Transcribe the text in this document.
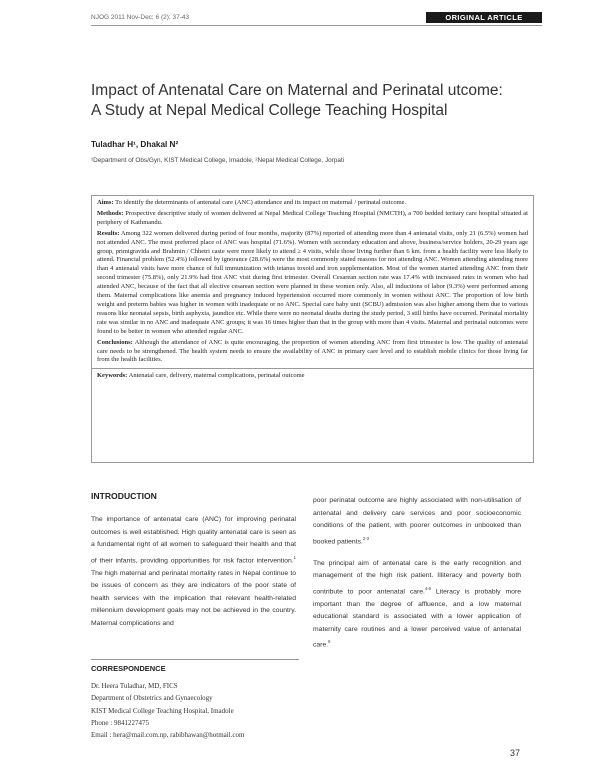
NJOG 2011 Nov-Dec; 6 (2): 37-43	ORIGINAL ARTICLE
Impact of Antenatal Care on Maternal and Perinatal utcome:
A Study at Nepal Medical College Teaching Hospital
Tuladhar H¹, Dhakal N²
¹Department of Obs/Gyn, KIST Medical College, Imadole, ²Nepal Medical College, Jorpati

Aims: To identify the determinants of antenatal care (ANC) attendance and its impact on maternal / perinatal outcome.

Methods: Prospective descriptive study of women delivered at Nepal Medical College Teaching Hospital (NMCTH), a 700 bedded tertiary care hospital situated at periphery of Kathmandu.

Results: Among 322 women delivered during period of four months, majority (87%) reported of attending more than 4 antenatal visits, only 21 (6.5%) women had not attended ANC. The most preferred place of ANC was hospital (71.6%). Women with secondary education and above, business/service holders, 20-29 years age group, primigravida and Brahmin / Chhetri caste were more likely to attend ≥ 4 visits, while those living further than 6 km. from a health facility were less likely to attend. Financial problem (52.4%) followed by ignorance (28.6%) were the most commonly stated reasons for not attending ANC. Women attending attending more than 4 antenatal visits have more chance of full immunization with tetanus toxoid and iron supplementation. Most of the women started attending ANC from their second trimester (75.8%), only 21.9% had first ANC visit during first trimester. Overall Cesarean section rate was 17.4% with increased rates in women who had attended ANC, because of the fact that all elective cesarean section were planned in these women only. Also, all inductions of labor (9.3%) were performed among them. Maternal complications like anemia and pregnancy induced hypertension occurred more commonly in women without ANC. The proportion of low birth weight and preterm babies was higher in women with inadequate or no ANC. Special care baby unit (SCBU) admission was also higher among them due to various reasons like neonatal sepsis, birth asphyxia, jaundice etc. While there were no neonatal deaths during the study period, 3 still births have occurred. Perinatal mortality rate was similar in no ANC and inadequate ANC groups; it was 16 times higher than that in the group with more than 4 visits. Maternal and perinatal outcomes were found to be better in women who attended regular ANC.

Conclusions: Although the attendance of ANC is quite encouraging, the proportion of women attending ANC from first trimester is low. The quality of antenatal care needs to be strengthened. The health system needs to ensure the availability of ANC in primary care level and to establish mobile clinics for those living far from the health facilities.

Keywords: Antenatal care, delivery, maternal complications, perinatal outcome

INTRODUCTION

The importance of antenatal care (ANC) for improving perinatal outcomes is well established. High quality antenatal care is seen as a fundamental right of all women to safeguard their health and that of their infants, providing opportunities for risk factor intervention.$^1$ The high maternal and perinatal mortality rates in Nepal continue to be issues of concern as they are indicators of the poor state of health services with the implication that relevant health-related millennium development goals may not be achieved in the country. Maternal complications and

poor perinatal outcome are highly associated with non-utilisation of antenatal and delivery care services and poor socioeconomic conditions of the patient, with poorer outcomes in unbooked than booked patients.$^{2-3}$

The principal aim of antenatal care is the early recognition and management of the high risk patient. Illiteracy and poverty both contribute to poor antenatal care.$^{4-6}$ Literacy is probably more important than the degree of affluence, and a low maternal educational standard is associated with a lower application of maternity care routines and a lower perceived value of antenatal care.$^6$

CORRESPONDENCE
Dr. Heera Tuladhar, MD, FICS
Department of Obstetrics and Gynaecology
KIST Medical College Teaching Hospital, Imadole
Phone : 9841227475
Email : hera@mail.com.np, rabibhawan@hotmail.com
37
